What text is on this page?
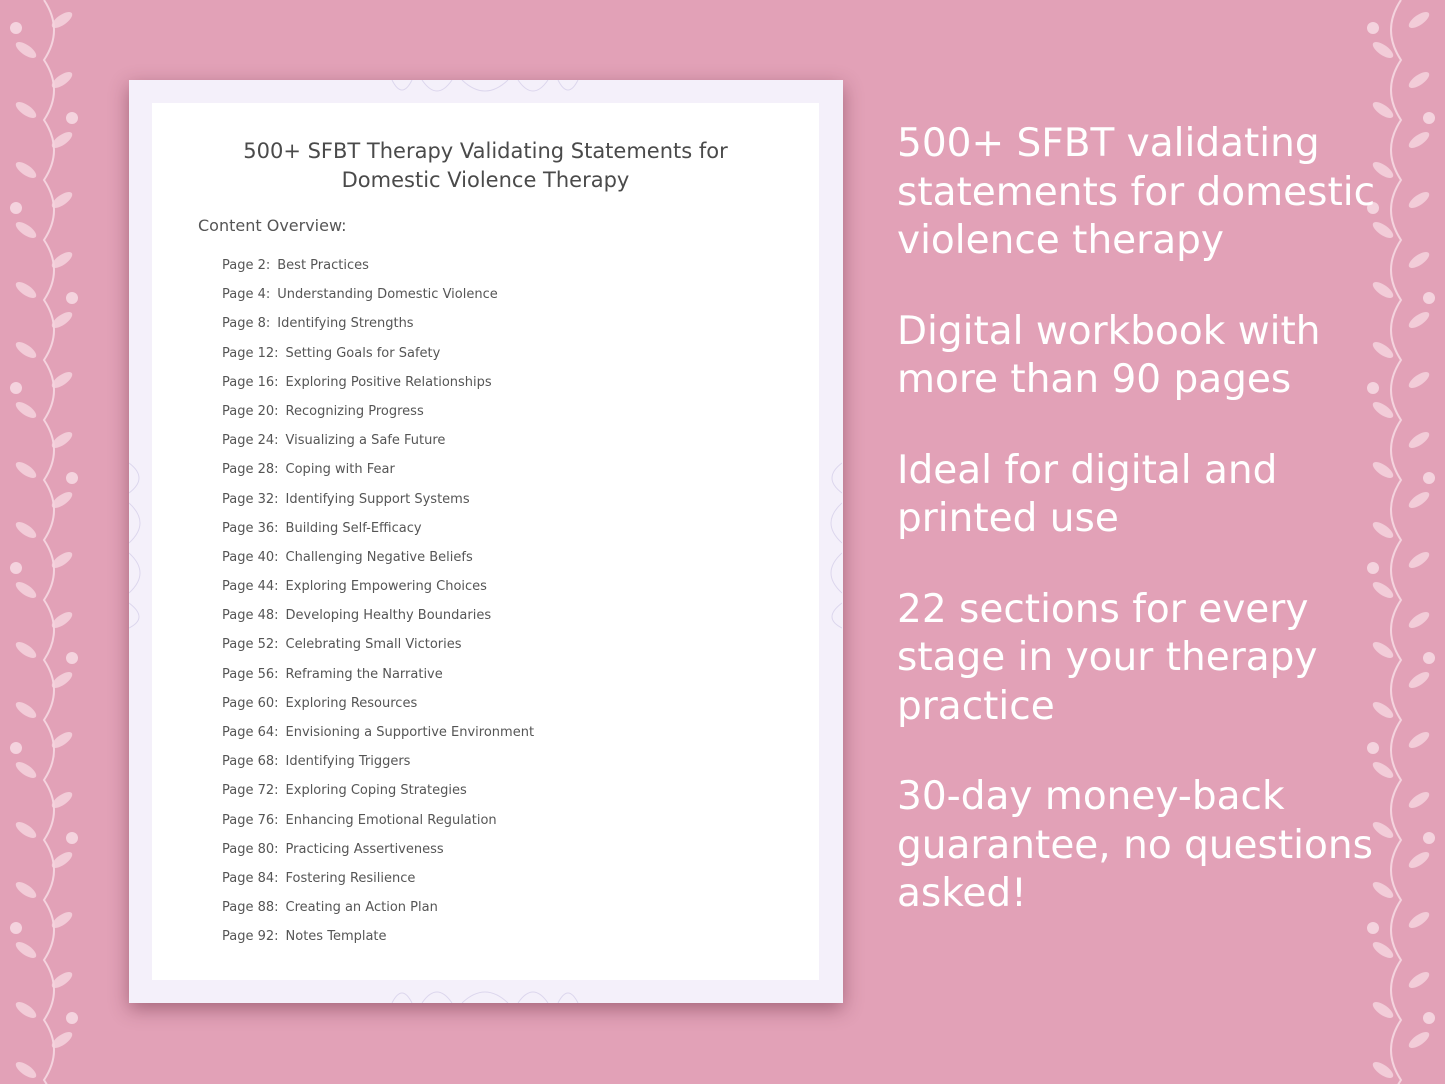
500+ SFBT Therapy Validating Statements for
Domestic Violence Therapy

Content Overview:

Page 2: Best Practices
Page 4: Understanding Domestic Violence
Page 8: Identifying Strengths
Page 12: Setting Goals for Safety
Page 16: Exploring Positive Relationships
Page 20: Recognizing Progress
Page 24: Visualizing a Safe Future
Page 28: Coping with Fear
Page 32: Identifying Support Systems
Page 36: Building Self-Efficacy
Page 40: Challenging Negative Beliefs
Page 44: Exploring Empowering Choices
Page 48: Developing Healthy Boundaries
Page 52: Celebrating Small Victories
Page 56: Reframing the Narrative
Page 60: Exploring Resources
Page 64: Envisioning a Supportive Environment
Page 68: Identifying Triggers
Page 72: Exploring Coping Strategies
Page 76: Enhancing Emotional Regulation
Page 80: Practicing Assertiveness
Page 84: Fostering Resilience
Page 88: Creating an Action Plan
Page 92: Notes Template
500+ SFBT validating statements for domestic violence therapy
Digital workbook with more than 90 pages
Ideal for digital and printed use
22 sections for every stage in your therapy practice
30-day money-back guarantee, no questions asked!
